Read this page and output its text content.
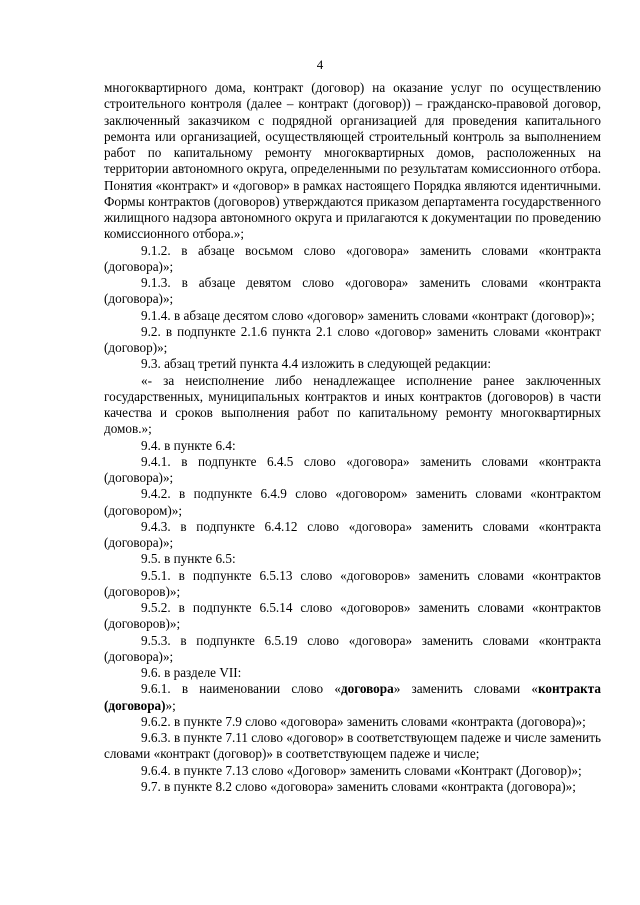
4

многоквартирного дома, контракт (договор) на оказание услуг по осуществлению строительного контроля (далее – контракт (договор)) – гражданско-правовой договор, заключенный заказчиком с подрядной организацией для проведения капитального ремонта или организацией, осуществляющей строительный контроль за выполнением работ по капитальному ремонту многоквартирных домов, расположенных на территории автономного округа, определенными по результатам комиссионного отбора. Понятия «контракт» и «договор» в рамках настоящего Порядка являются идентичными. Формы контрактов (договоров) утверждаются приказом департамента государственного жилищного надзора автономного округа и прилагаются к документации по проведению комиссионного отбора.»;

9.1.2. в абзаце восьмом слово «договора» заменить словами «контракта (договора)»;

9.1.3. в абзаце девятом слово «договора» заменить словами «контракта (договора)»;

9.1.4. в абзаце десятом слово «договор» заменить словами «контракт (договор)»;

9.2. в подпункте 2.1.6 пункта 2.1 слово «договор» заменить словами «контракт (договор)»;

9.3. абзац третий пункта 4.4 изложить в следующей редакции:

«- за неисполнение либо ненадлежащее исполнение ранее заключенных государственных, муниципальных контрактов и иных контрактов (договоров) в части качества и сроков выполнения работ по капитальному ремонту многоквартирных домов.»;

9.4. в пункте 6.4:

9.4.1. в подпункте 6.4.5 слово «договора» заменить словами «контракта (договора)»;

9.4.2. в подпункте 6.4.9 слово «договором» заменить словами «контрактом (договором)»;

9.4.3. в подпункте 6.4.12 слово «договора» заменить словами «контракта (договора)»;

9.5. в пункте 6.5:

9.5.1. в подпункте 6.5.13 слово «договоров» заменить словами «контрактов (договоров)»;

9.5.2. в подпункте 6.5.14 слово «договоров» заменить словами «контрактов (договоров)»;

9.5.3. в подпункте 6.5.19 слово «договора» заменить словами «контракта (договора)»;

9.6. в разделе VII:

9.6.1. в наименовании слово «договора» заменить словами «контракта (договора)»;

9.6.2. в пункте 7.9 слово «договора» заменить словами «контракта (договора)»;

9.6.3. в пункте 7.11 слово «договор» в соответствующем падеже и числе заменить словами «контракт (договор)» в соответствующем падеже и числе;

9.6.4. в пункте 7.13 слово «Договор» заменить словами «Контракт (Договор)»;

9.7. в пункте 8.2 слово «договора» заменить словами «контракта (договора)»;
